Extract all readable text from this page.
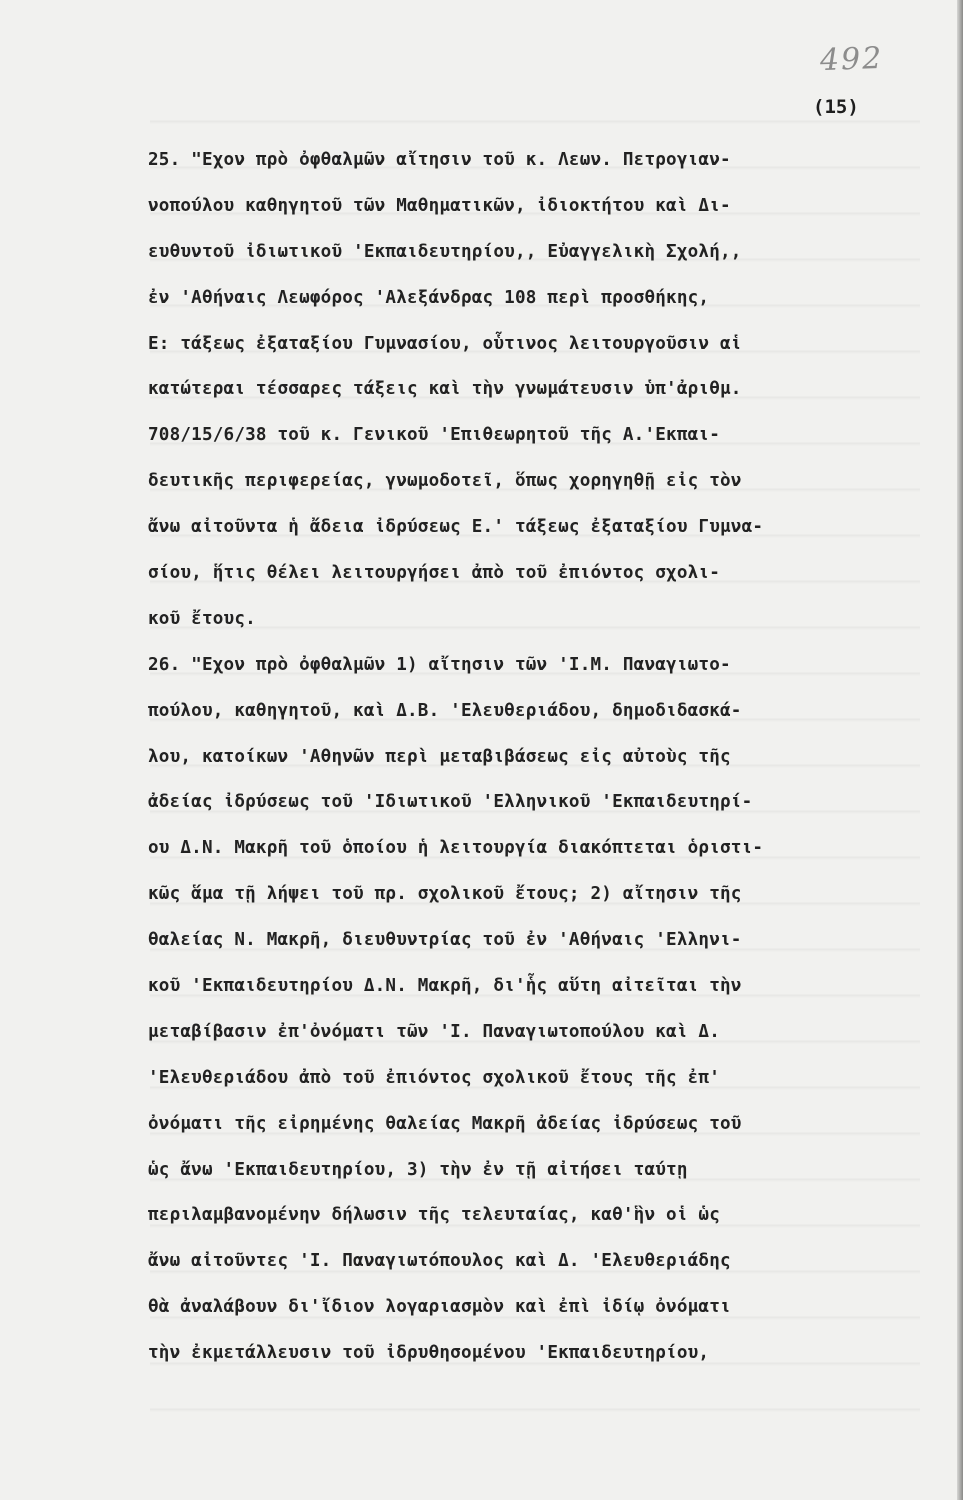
492
(15)
25. "Εχον πρὸ ὀφθαλμῶν αἴτησιν τοῦ κ. Λεων. Πετρογιαν-
νοπούλου καθηγητοῦ τῶν Μαθηματικῶν, ἰδιοκτήτου καὶ Δι-
ευθυντοῦ ἰδιωτικοῦ 'Εκπαιδευτηρίου,, Εὐαγγελικὴ Σχολή,,
ἐν 'Αθήναις Λεωφόρος 'Αλεξάνδρας 108 περὶ προσθήκης,
Ε: τάξεως ἐξαταξίου Γυμνασίου, οὗτινος λειτουργοῦσιν αἱ
κατώτεραι τέσσαρες τάξεις καὶ τὴν γνωμάτευσιν ὑπ'ἀριθμ.
708/15/6/38 τοῦ κ. Γενικοῦ 'Επιθεωρητοῦ τῆς Α.'Εκπαι-
δευτικῆς περιφερείας, γνωμοδοτεῖ, ὅπως χορηγηθῇ εἰς τὸν
ἄνω αἰτοῦντα ἡ ἄδεια ἰδρύσεως Ε.' τάξεως ἐξαταξίου Γυμνα-
σίου, ἥτις θέλει λειτουργήσει ἀπὸ τοῦ ἐπιόντος σχολι-
κοῦ ἔτους.
26. "Εχον πρὸ ὀφθαλμῶν 1) αἴτησιν τῶν 'Ι.Μ. Παναγιωτο-
πούλου, καθηγητοῦ, καὶ Δ.Β. 'Ελευθεριάδου, δημοδιδασκά-
λου, κατοίκων 'Αθηνῶν περὶ μεταβιβάσεως εἰς αὐτοὺς τῆς
ἀδείας ἰδρύσεως τοῦ 'Ιδιωτικοῦ 'Ελληνικοῦ 'Εκπαιδευτηρί-
ου Δ.Ν. Μακρῆ τοῦ ὁποίου ἡ λειτουργία διακόπτεται ὁριστι-
κῶς ἅμα τῇ λήψει τοῦ πρ. σχολικοῦ ἔτους; 2) αἴτησιν τῆς
θαλείας Ν. Μακρῆ, διευθυντρίας τοῦ ἐν 'Αθήναις 'Ελληνι-
κοῦ 'Εκπαιδευτηρίου Δ.Ν. Μακρῆ, δι'ἧς αὕτη αἰτεῖται τὴν
μεταβίβασιν ἐπ'ὀνόματι τῶν 'Ι. Παναγιωτοπούλου καὶ Δ.
'Ελευθεριάδου ἀπὸ τοῦ ἐπιόντος σχολικοῦ ἔτους τῆς ἐπ'
ὀνόματι τῆς εἰρημένης θαλείας Μακρῆ ἀδείας ἰδρύσεως τοῦ
ὡς ἄνω 'Εκπαιδευτηρίου, 3) τὴν ἐν τῇ αἰτήσει ταύτῃ
περιλαμβανομένην δήλωσιν τῆς τελευταίας, καθ'ἣν οἱ ὡς
ἄνω αἰτοῦντες 'Ι. Παναγιωτόπουλος καὶ Δ. 'Ελευθεριάδης
θὰ ἀναλάβουν δι'ἴδιον λογαριασμὸν καὶ ἐπὶ ἰδίῳ ὀνόματι
τὴν ἐκμετάλλευσιν τοῦ ἰδρυθησομένου 'Εκπαιδευτηρίου,
